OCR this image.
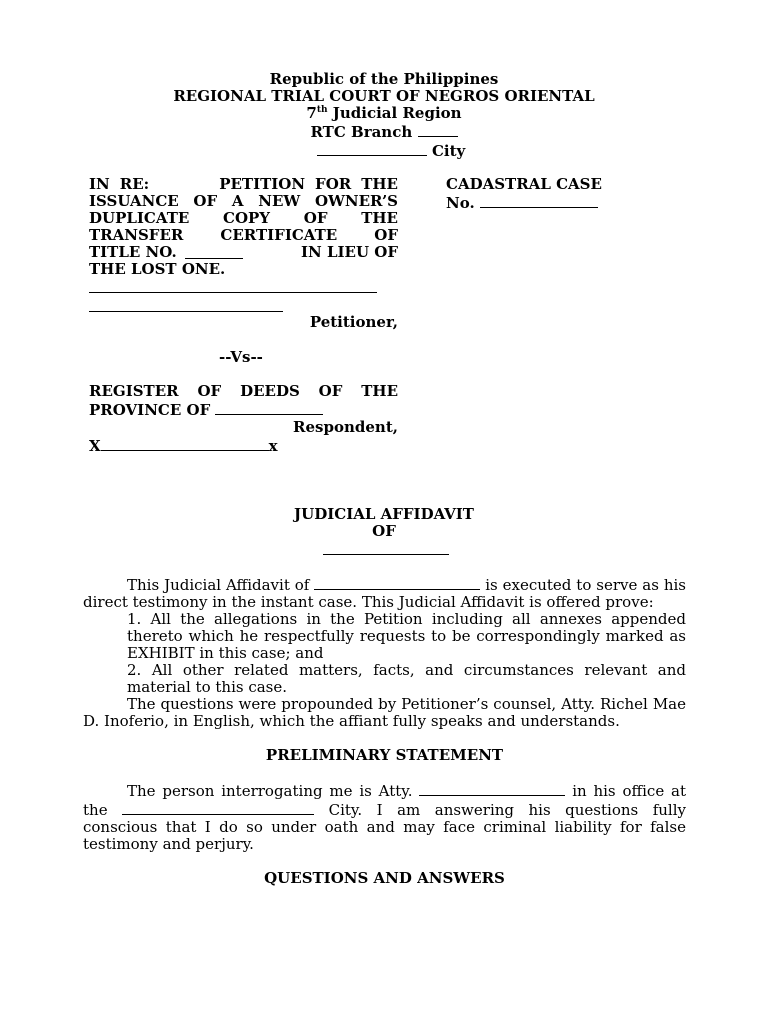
Republic of the Philippines
REGIONAL TRIAL COURT OF NEGROS ORIENTAL
7th Judicial Region
RTC Branch
City
IN RE:       PETITION FOR THE
ISSUANCE OF A NEW OWNER’S
DUPLICATE COPY OF THE
TRANSFER CERTIFICATE OF
TITLE NO.	IN LIEU OF
THE LOST ONE.
Petitioner,
--Vs--
REGISTER  OF  DEEDS  OF  THE
PROVINCE OF
Respondent,
X	x
CADASTRAL CASE
No.
JUDICIAL AFFIDAVIT
OF

This Judicial Affidavit of	is executed to serve as his direct testimony in the instant case. This Judicial Affidavit is offered prove:

1. All the allegations in the Petition including all annexes appended thereto which he respectfully requests to be correspondingly marked as EXHIBIT in this case; and

2. All other related matters, facts, and circumstances relevant and material to this case.

The questions were propounded by Petitioner’s counsel, Atty. Richel Mae D. Inoferio, in English, which the affiant fully speaks and understands.

PRELIMINARY STATEMENT

The person interrogating me is Atty.	in his office at the	City. I am answering his questions fully conscious that I do so under oath and may face criminal liability for false testimony and perjury.

QUESTIONS AND ANSWERS
